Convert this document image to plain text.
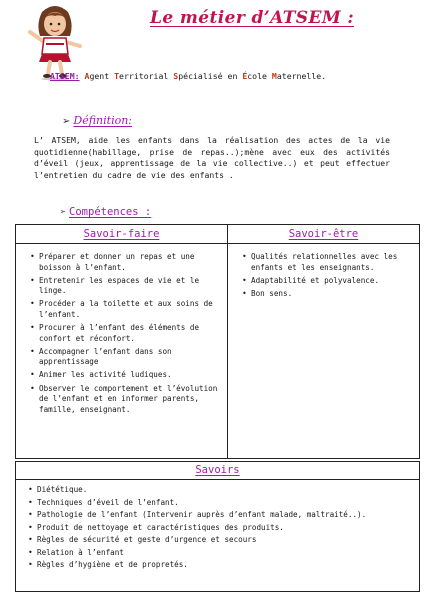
Le métier d’ATSEM :
ATSEM: Agent Territorial Spécialisé en École Maternelle.
➢ Définition:
L’ ATSEM, aide les enfants dans la réalisation des actes de la vie quotidienne(habillage, prise de repas..);mène avec eux des activités d’éveil (jeux, apprentissage de la vie collective..) et peut effectuer l’entretien du cadre de vie des enfants .
➢ Compétences :
Savoir-faire
• Préparer et donner un repas et une boisson à l’enfant.
• Entretenir les espaces de vie et le linge.
• Procéder a la toilette et aux soins de l’enfant.
• Procurer à l’enfant des éléments de confort et réconfort.
• Accompagner l’enfant dans son apprentissage
• Animer les activité ludiques.
• Observer le comportement et l’évolution de l’enfant et en informer parents, famille, enseignant.
Savoir-être
• Qualités relationnelles avec les enfants et les enseignants.
• Adaptabilité et polyvalence.
• Bon sens.
Savoirs
• Diététique.
• Techniques d’éveil de l’enfant.
• Pathologie de l’enfant (Intervenir auprès d’enfant malade, maltraité..).
• Produit de nettoyage et caractéristiques des produits.
• Règles de sécurité et geste d’urgence et secours
• Relation à l’enfant
• Règles d’hygiène et de propretés.
